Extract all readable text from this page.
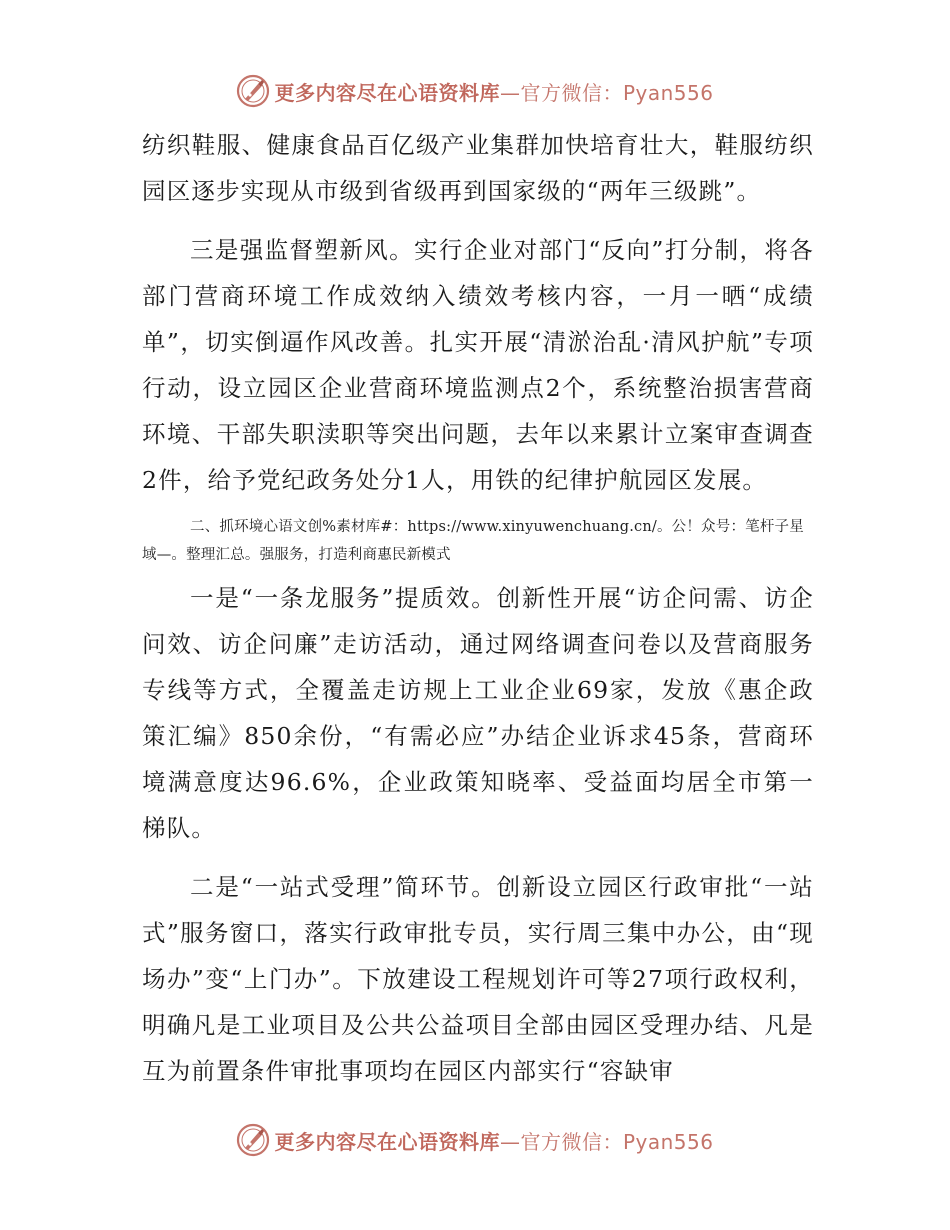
更多内容尽在心语资料库—官方微信：Pyan556

纺织鞋服、健康食品百亿级产业集群加快培育壮大，鞋服纺织园区逐步实现从市级到省级再到国家级的“两年三级跳”。

三是强监督塑新风。实行企业对部门“反向”打分制，将各部门营商环境工作成效纳入绩效考核内容，一月一晒“成绩单”，切实倒逼作风改善。扎实开展“清淤治乱·清风护航”专项行动，设立园区企业营商环境监测点2个，系统整治损害营商环境、干部失职渎职等突出问题，去年以来累计立案审查调查2件，给予党纪政务处分1人，用铁的纪律护航园区发展。

二、抓环境心语文创%素材库#：https://www.xinyuwenchuang.cn/。公！众号：笔杆子星域—。整理汇总。强服务，打造利商惠民新模式

一是“一条龙服务”提质效。创新性开展“访企问需、访企问效、访企问廉”走访活动，通过网络调查问卷以及营商服务专线等方式，全覆盖走访规上工业企业69家，发放《惠企政策汇编》850余份，“有需必应”办结企业诉求45条，营商环境满意度达96.6%，企业政策知晓率、受益面均居全市第一梯队。

二是“一站式受理”简环节。创新设立园区行政审批“一站式”服务窗口，落实行政审批专员，实行周三集中办公，由“现场办”变“上门办”。下放建设工程规划许可等27项行政权利，明确凡是工业项目及公共公益项目全部由园区受理办结、凡是互为前置条件审批事项均在园区内部实行“容缺审

更多内容尽在心语资料库—官方微信：Pyan556
